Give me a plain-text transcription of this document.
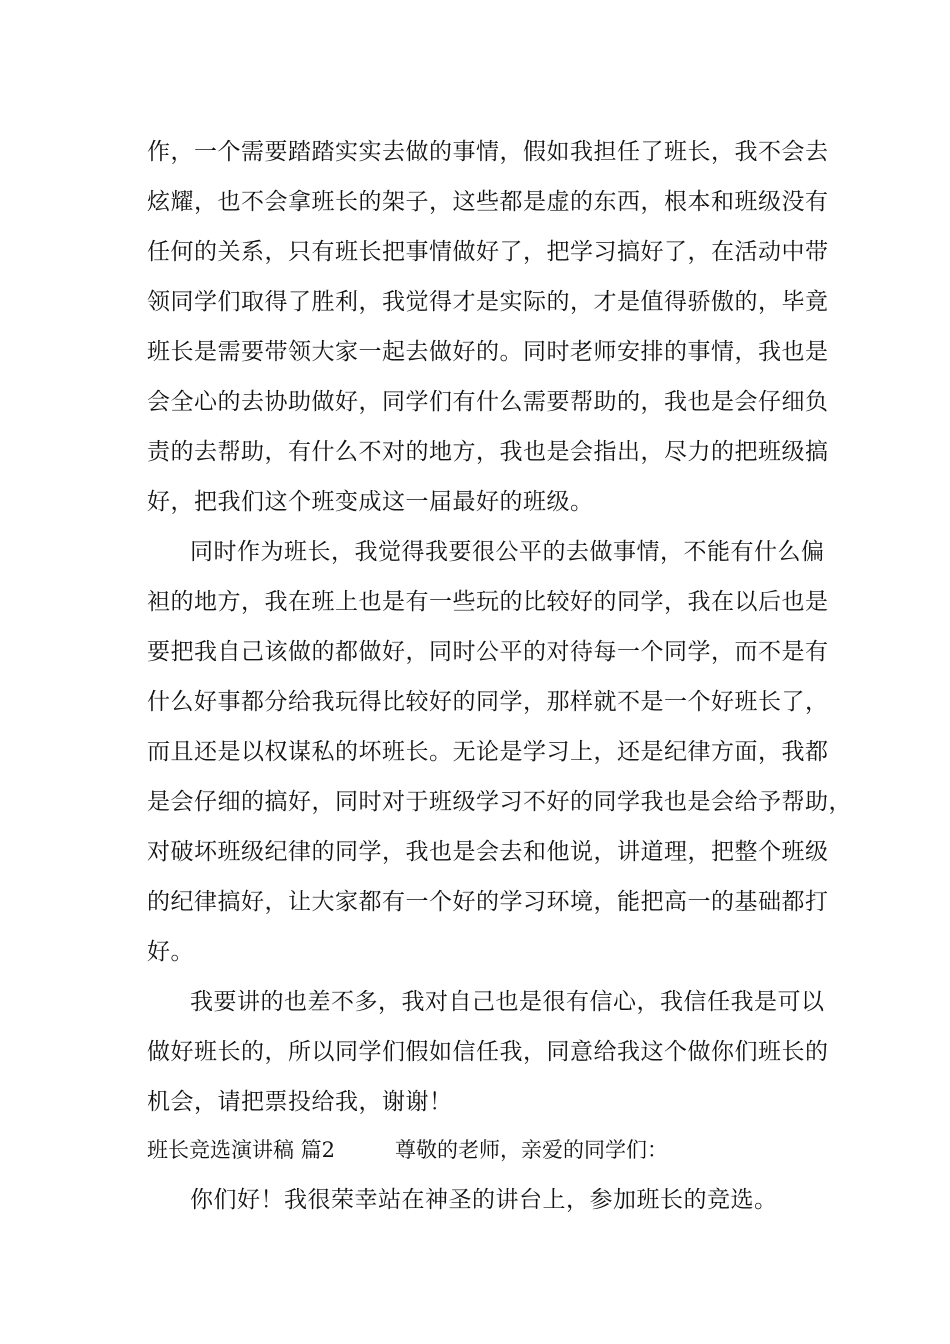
作，一个需要踏踏实实去做的事情，假如我担任了班长，我不会去
炫耀，也不会拿班长的架子，这些都是虚的东西，根本和班级没有
任何的关系，只有班长把事情做好了，把学习搞好了，在活动中带
领同学们取得了胜利，我觉得才是实际的，才是值得骄傲的，毕竟
班长是需要带领大家一起去做好的。同时老师安排的事情，我也是
会全心的去协助做好，同学们有什么需要帮助的，我也是会仔细负
责的去帮助，有什么不对的地方，我也是会指出，尽力的把班级搞
好，把我们这个班变成这一届最好的班级。
同时作为班长，我觉得我要很公平的去做事情，不能有什么偏
袒的地方，我在班上也是有一些玩的比较好的同学，我在以后也是
要把我自己该做的都做好，同时公平的对待每一个同学，而不是有
什么好事都分给我玩得比较好的同学，那样就不是一个好班长了，
而且还是以权谋私的坏班长。无论是学习上，还是纪律方面，我都
是会仔细的搞好，同时对于班级学习不好的同学我也是会给予帮助，
对破坏班级纪律的同学，我也是会去和他说，讲道理，把整个班级
的纪律搞好，让大家都有一个好的学习环境，能把高一的基础都打
好。
我要讲的也差不多，我对自己也是很有信心，我信任我是可以
做好班长的，所以同学们假如信任我，同意给我这个做你们班长的
机会，请把票投给我，谢谢！
班长竞选演讲稿 篇2	尊敬的老师，亲爱的同学们：
你们好！我很荣幸站在神圣的讲台上，参加班长的竞选。
